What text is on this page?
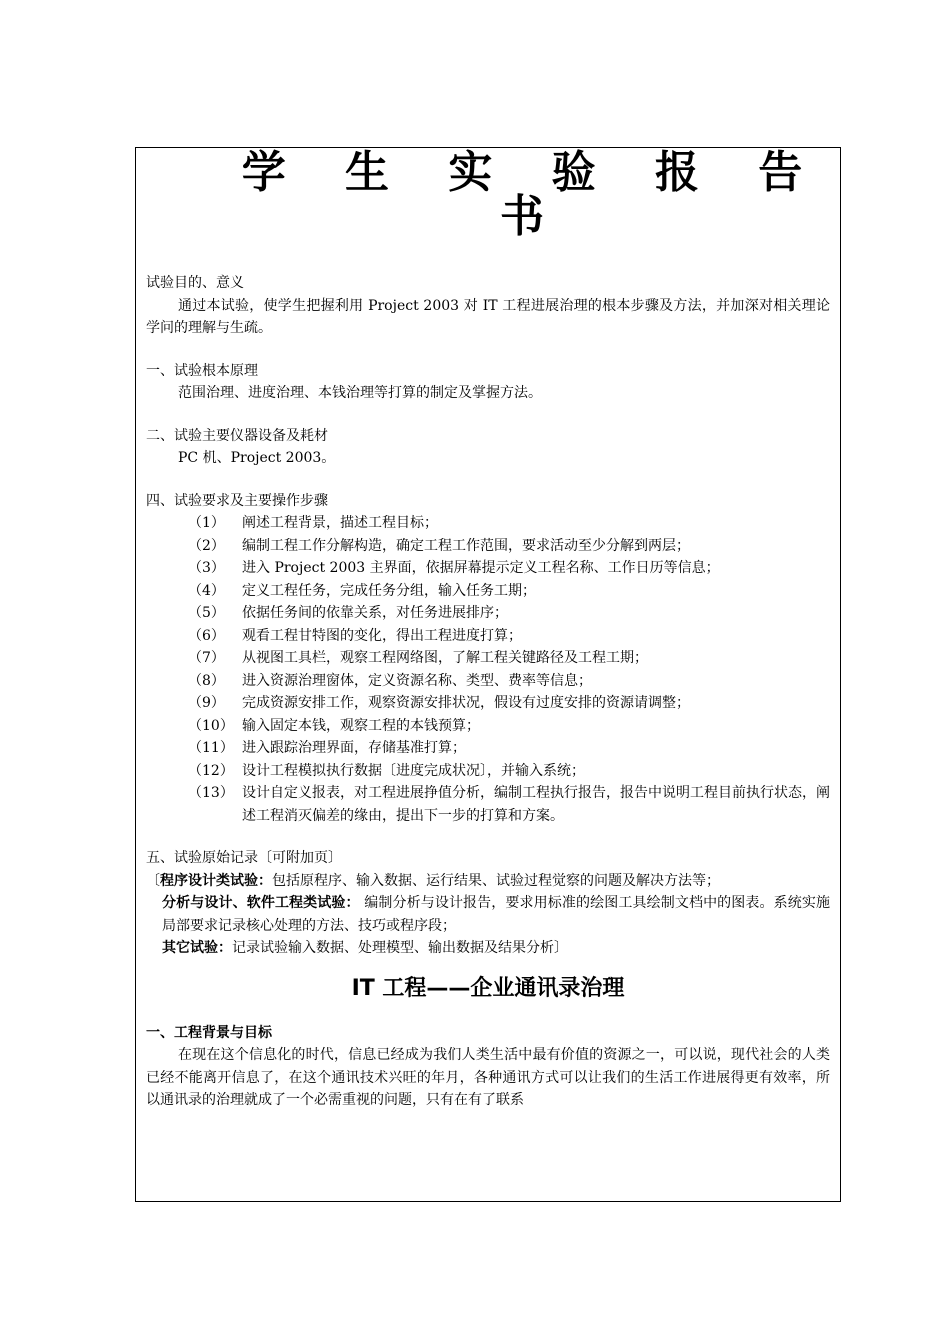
学 生 实 验 报 告 书

试验目的、意义

通过本试验，使学生把握利用 Project 2003 对 IT 工程进展治理的根本步骤及方法，并加深对相关理论学问的理解与生疏。

一、试验根本原理

范围治理、进度治理、本钱治理等打算的制定及掌握方法。

二、试验主要仪器设备及耗材

PC 机、Project 2003。

四、试验要求及主要操作步骤

（1）	阐述工程背景，描述工程目标；
（2）	编制工程工作分解构造，确定工程工作范围，要求活动至少分解到两层；
（3）	进入 Project 2003 主界面，依据屏幕提示定义工程名称、工作日历等信息；
（4）	定义工程任务，完成任务分组，输入任务工期；
（5）	依据任务间的依靠关系，对任务进展排序；
（6）	观看工程甘特图的变化，得出工程进度打算；
（7）	从视图工具栏，观察工程网络图，了解工程关键路径及工程工期；
（8）	进入资源治理窗体，定义资源名称、类型、费率等信息；
（9）	完成资源安排工作，观察资源安排状况，假设有过度安排的资源请调整；
（10） 输入固定本钱，观察工程的本钱预算；
（11） 进入跟踪治理界面，存储基准打算；
（12） 设计工程模拟执行数据〔进度完成状况〕，并输入系统；
（13） 设计自定义报表，对工程进展挣值分析，编制工程执行报告，报告中说明工程目前执行状态，阐述工程消灭偏差的缘由，提出下一步的打算和方案。

五、试验原始记录〔可附加页〕

〔程序设计类试验：包括原程序、输入数据、运行结果、试验过程觉察的问题及解决方法等；

分析与设计、软件工程类试验： 编制分析与设计报告，要求用标准的绘图工具绘制文档中的图表。系统实施局部要求记录核心处理的方法、技巧或程序段；

其它试验：记录试验输入数据、处理模型、输出数据及结果分析〕

IT 工程——企业通讯录治理

一、工程背景与目标

在现在这个信息化的时代，信息已经成为我们人类生活中最有价值的资源之一，可以说，现代社会的人类已经不能离开信息了，在这个通讯技术兴旺的年月，各种通讯方式可以让我们的生活工作进展得更有效率，所以通讯录的治理就成了一个必需重视的问题，只有在有了联系
